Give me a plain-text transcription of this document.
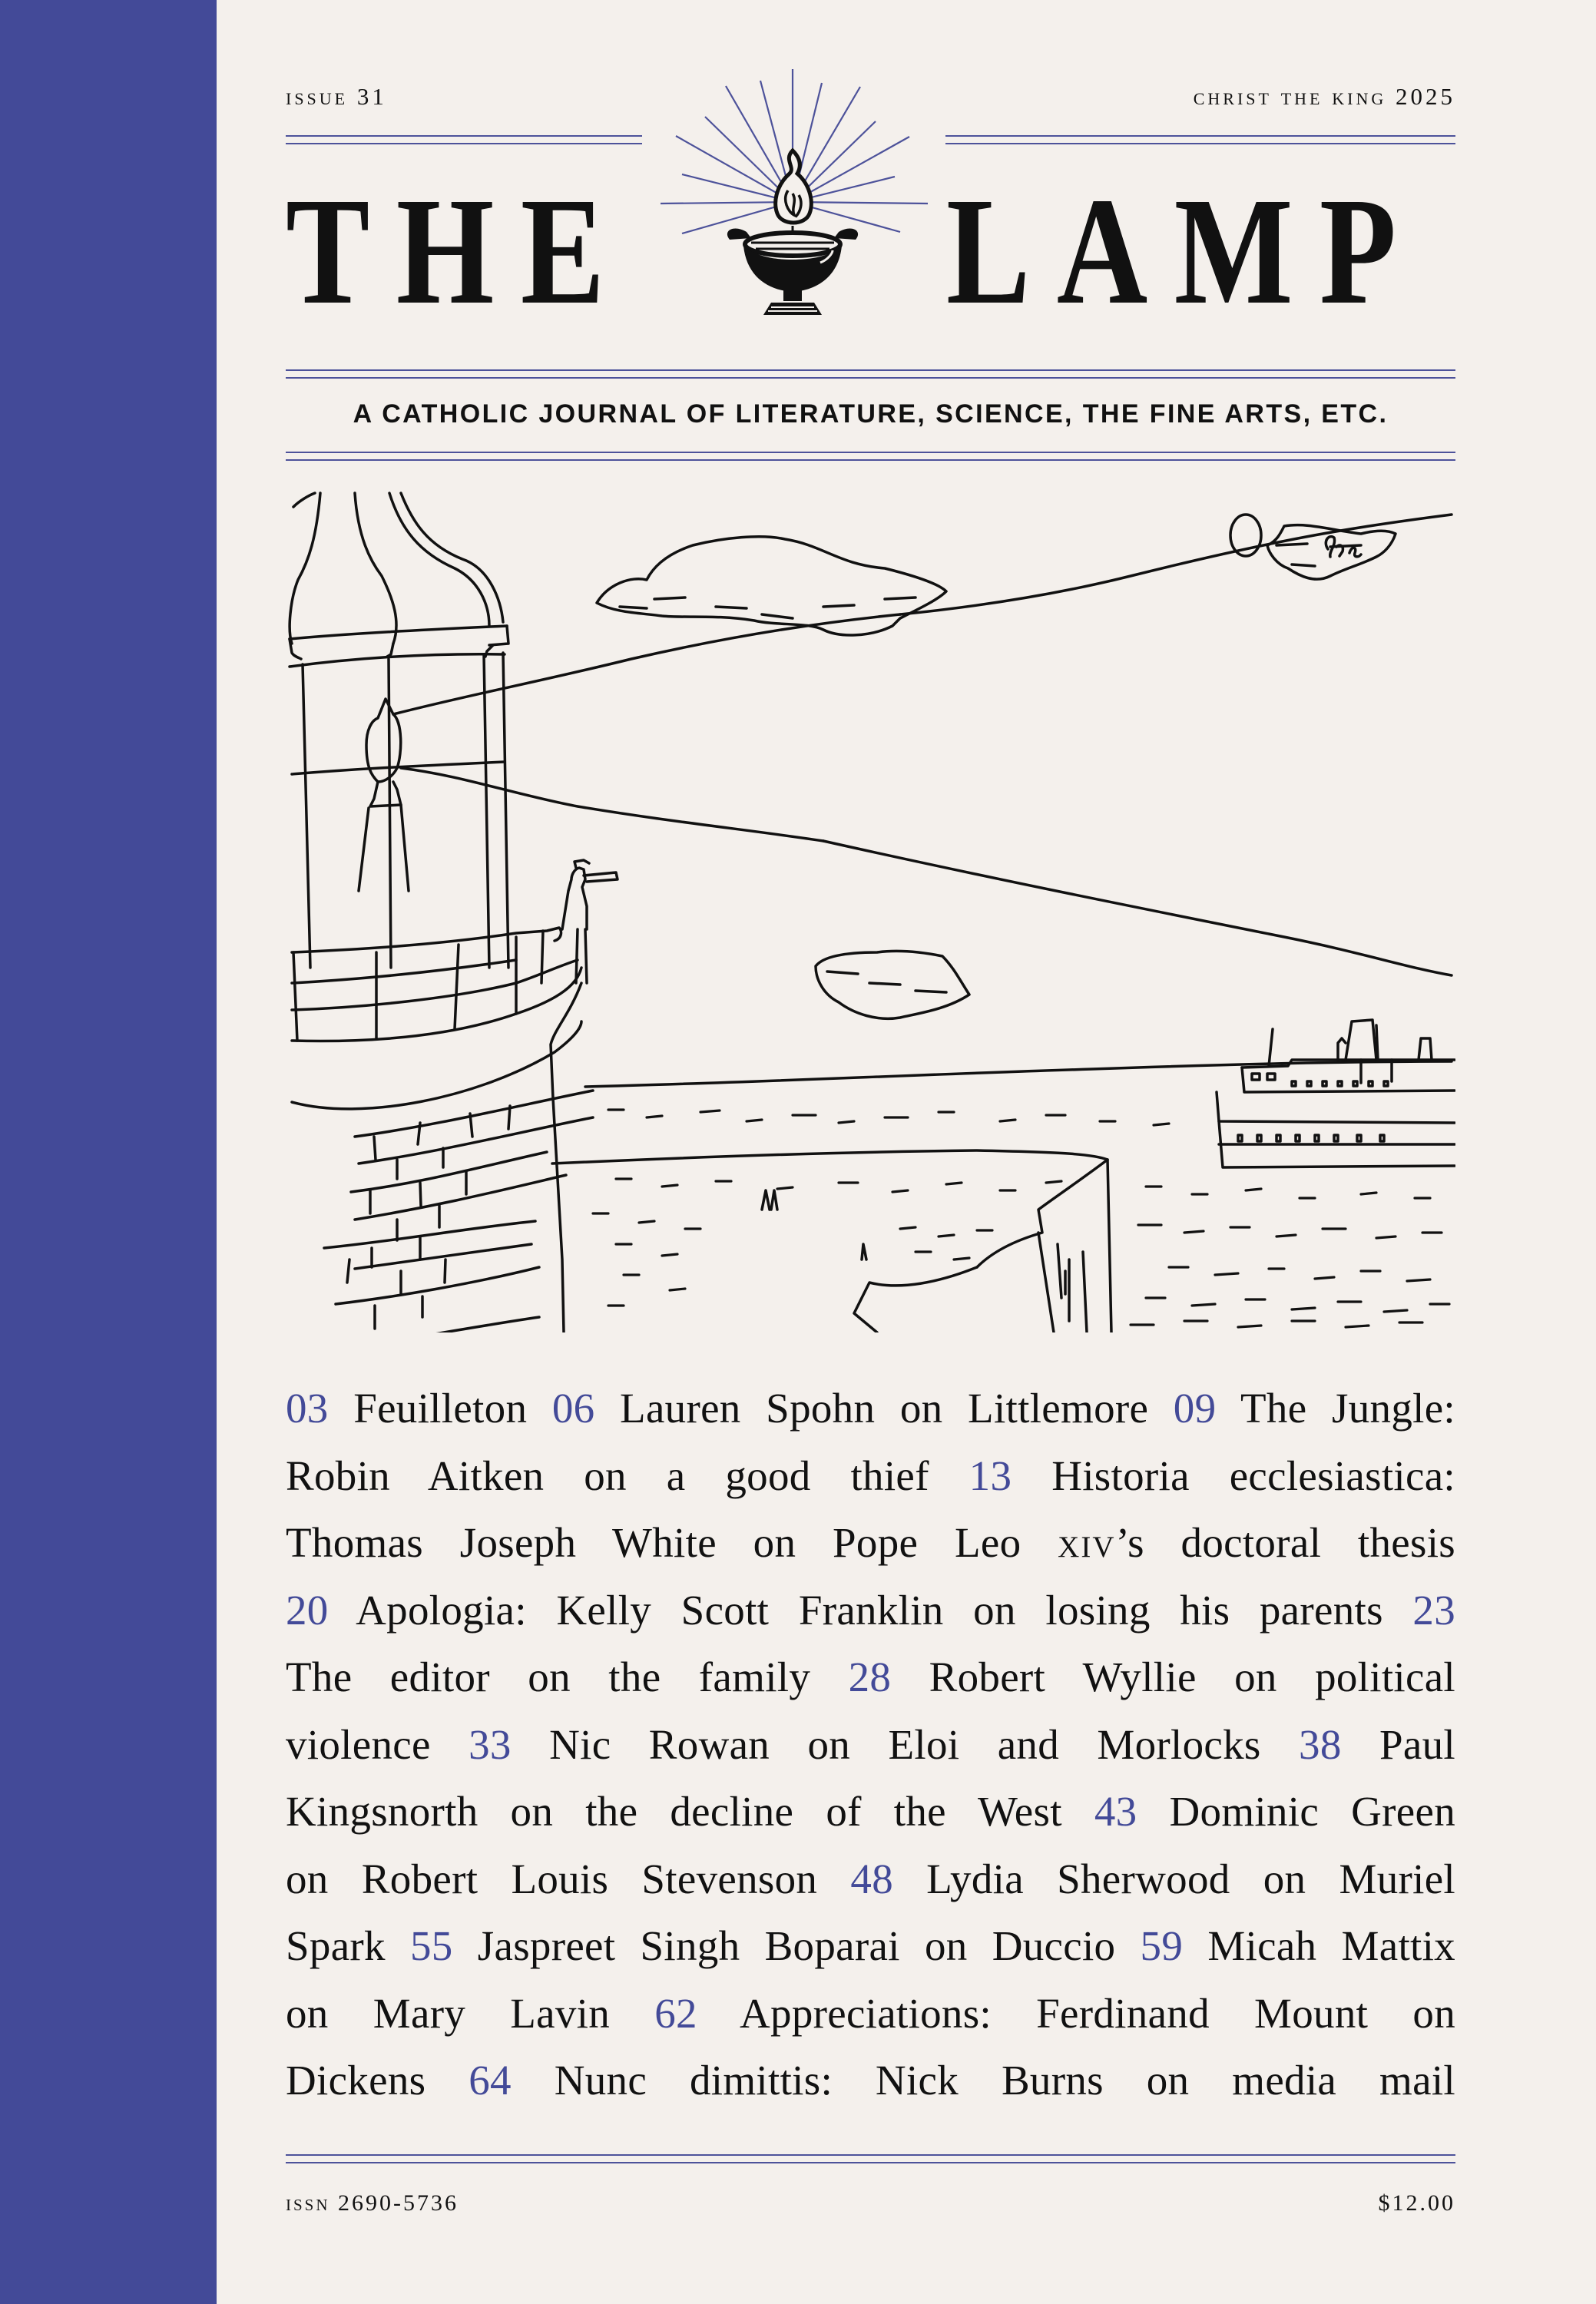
issue 31	christ the king 2025
THE LAMP
A CATHOLIC JOURNAL OF LITERATURE, SCIENCE, THE FINE ARTS, ETC.
03 Feuilleton 06 Lauren Spohn on Littlemore 09 The Jungle:
Robin Aitken on a good thief 13 Historia ecclesiastica:
Thomas Joseph White on Pope Leo xiv’s doctoral thesis
20 Apologia: Kelly Scott Franklin on losing his parents 23
The editor on the family 28 Robert Wyllie on political
violence 33 Nic Rowan on Eloi and Morlocks 38 Paul
Kingsnorth on the decline of the West 43 Dominic Green
on Robert Louis Stevenson 48 Lydia Sherwood on Muriel
Spark 55 Jaspreet Singh Boparai on Duccio 59 Micah Mattix
on Mary Lavin 62 Appreciations: Ferdinand Mount on
Dickens 64 Nunc dimittis: Nick Burns on media mail
issn 2690-5736	$12.00
